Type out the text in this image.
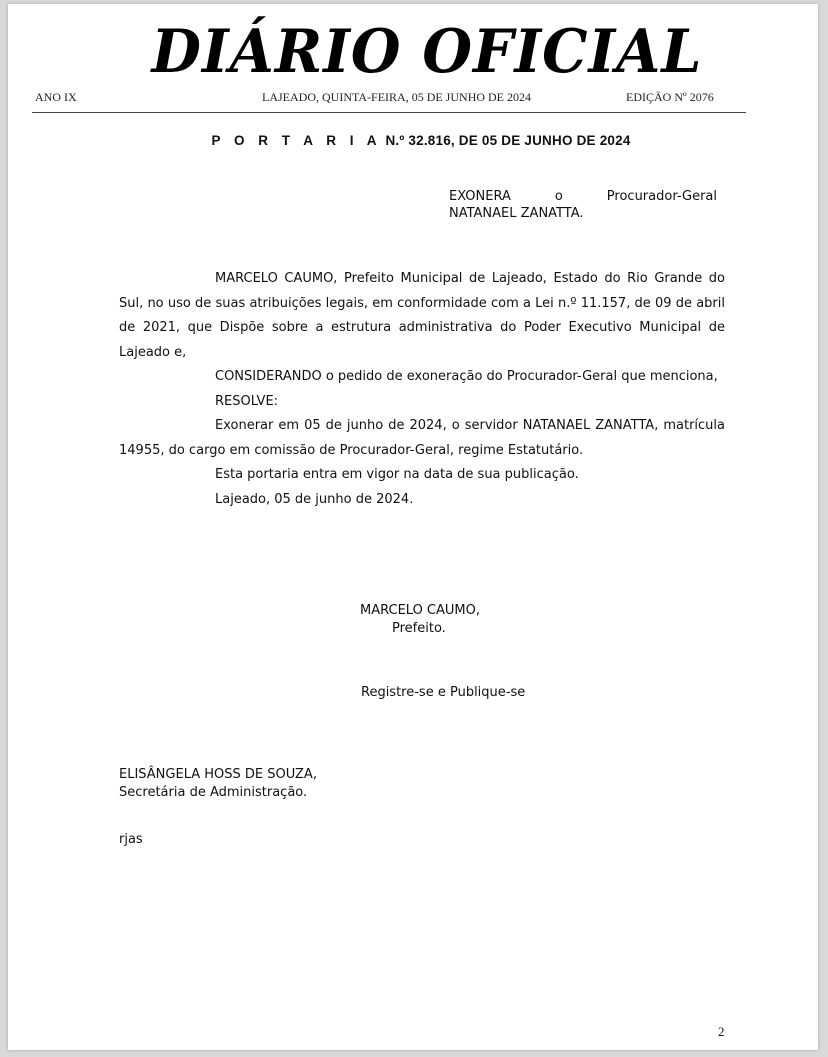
DIÁRIO OFICIAL
ANO IX	LAJEADO, QUINTA-FEIRA, 05 DE JUNHO DE 2024	EDIÇÃO Nº 2076
P O R T A R I A N.º 32.816, DE 05 DE JUNHO DE 2024
EXONERA o Procurador-Geral
NATANAEL ZANATTA.

MARCELO CAUMO, Prefeito Municipal de Lajeado, Estado do Rio Grande do Sul, no uso de suas atribuições legais, em conformidade com a Lei n.º 11.157, de 09 de abril de 2021, que Dispõe sobre a estrutura administrativa do Poder Executivo Municipal de Lajeado e,

CONSIDERANDO o pedido de exoneração do Procurador-Geral que menciona,

RESOLVE:

Exonerar em 05 de junho de 2024, o servidor NATANAEL ZANATTA, matrícula 14955, do cargo em comissão de Procurador-Geral, regime Estatutário.

Esta portaria entra em vigor na data de sua publicação.

Lajeado, 05 de junho de 2024.

MARCELO CAUMO,
Prefeito.
Registre-se e Publique-se
ELISÂNGELA HOSS DE SOUZA,
Secretária de Administração.
rjas
2
